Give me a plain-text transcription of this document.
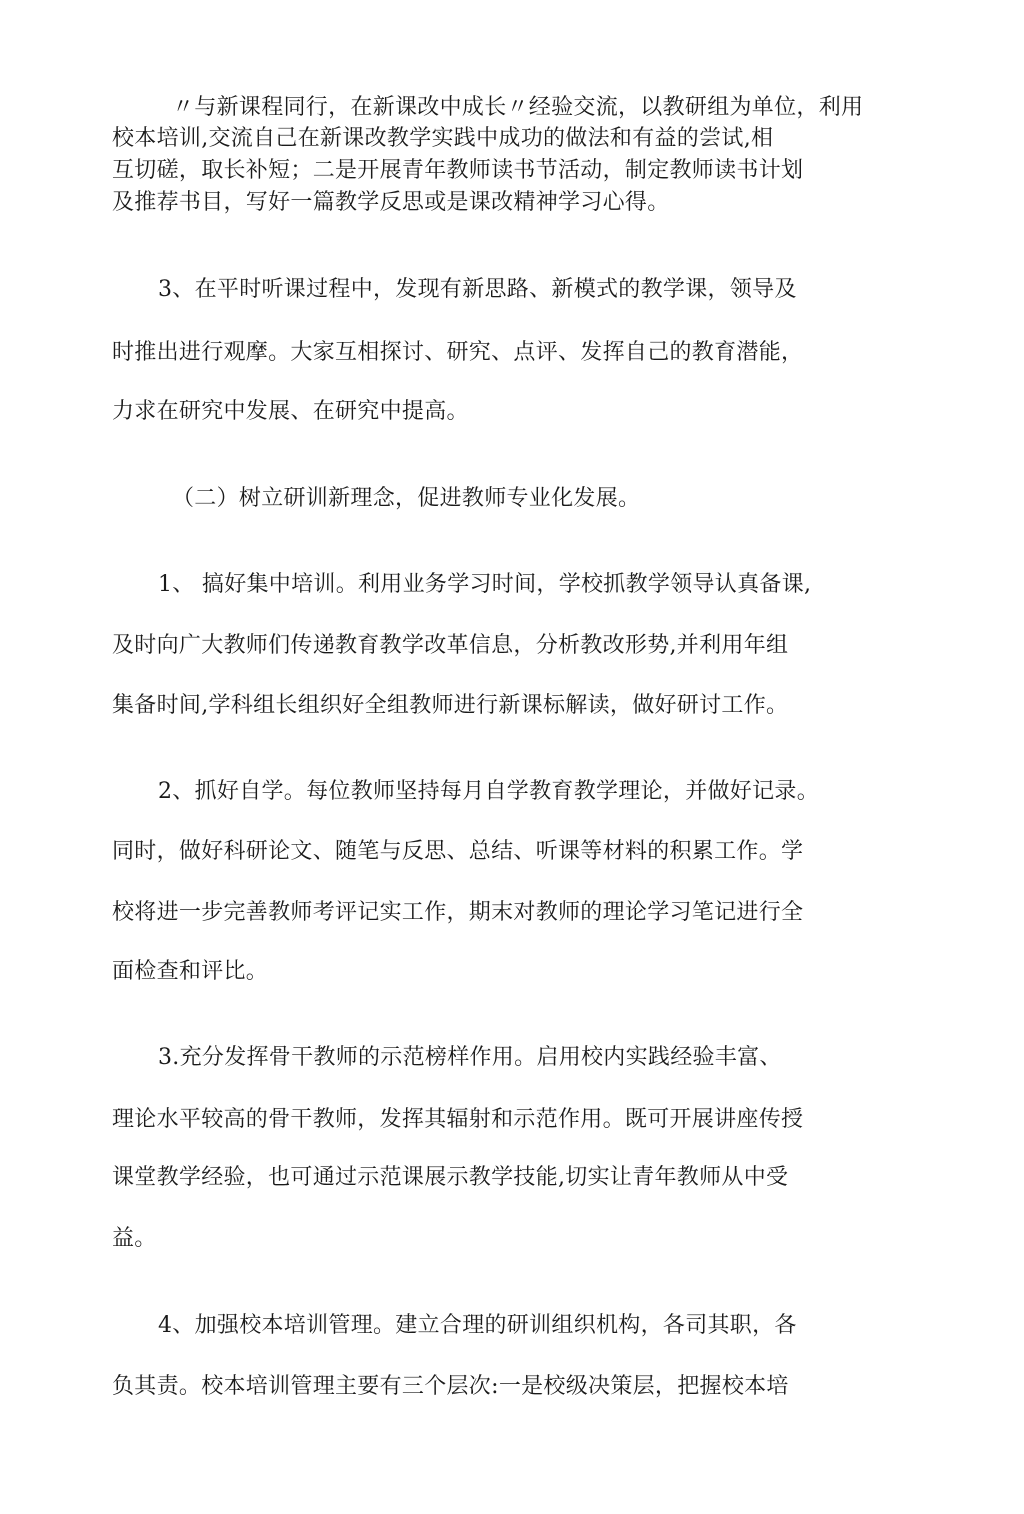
〃与新课程同行，在新课改中成长〃经验交流，以教研组为单位，利用
校本培训,交流自己在新课改教学实践中成功的做法和有益的尝试,相
互切磋，取长补短；二是开展青年教师读书节活动，制定教师读书计划
及推荐书目，写好一篇教学反思或是课改精神学习心得。
3、在平时听课过程中，发现有新思路、新模式的教学课，领导及
时推出进行观摩。大家互相探讨、研究、点评、发挥自己的教育潜能，
力求在研究中发展、在研究中提高。
（二）树立研训新理念，促进教师专业化发展。
1、 搞好集中培训。利用业务学习时间，学校抓教学领导认真备课,
及时向广大教师们传递教育教学改革信息，分析教改形势,并利用年组
集备时间,学科组长组织好全组教师进行新课标解读，做好研讨工作。
2、抓好自学。每位教师坚持每月自学教育教学理论，并做好记录。
同时，做好科研论文、随笔与反思、总结、听课等材料的积累工作。学
校将进一步完善教师考评记实工作，期末对教师的理论学习笔记进行全
面检查和评比。
3.充分发挥骨干教师的示范榜样作用。启用校内实践经验丰富、
理论水平较高的骨干教师，发挥其辐射和示范作用。既可开展讲座传授
课堂教学经验，也可通过示范课展示教学技能,切实让青年教师从中受
益。
4、加强校本培训管理。建立合理的研训组织机构，各司其职，各
负其责。校本培训管理主要有三个层次:一是校级决策层，把握校本培
